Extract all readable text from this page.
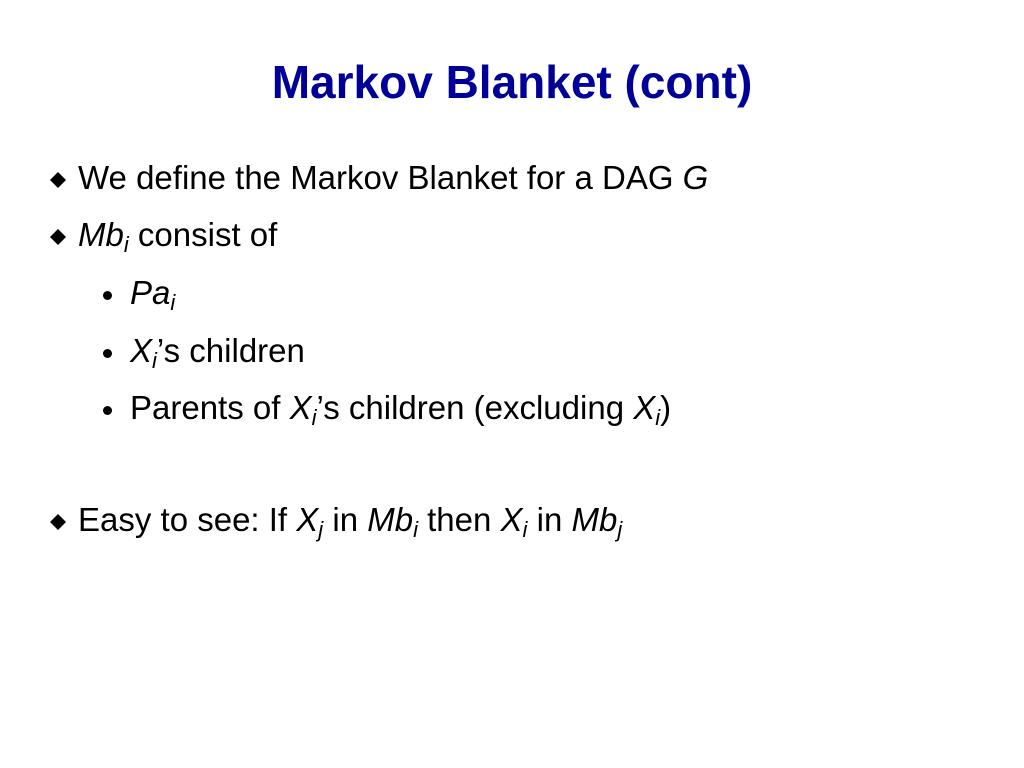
Markov Blanket (cont)
We define the Markov Blanket for a DAG G
$Mb_i$ consist of
$Pa_i$
$X_i’s$ children
Parents of $X_i’s$ children (excluding $X_i$)
Easy to see: If $X_j$ in $Mb_i$ then $X_i$ in $Mb_j$
